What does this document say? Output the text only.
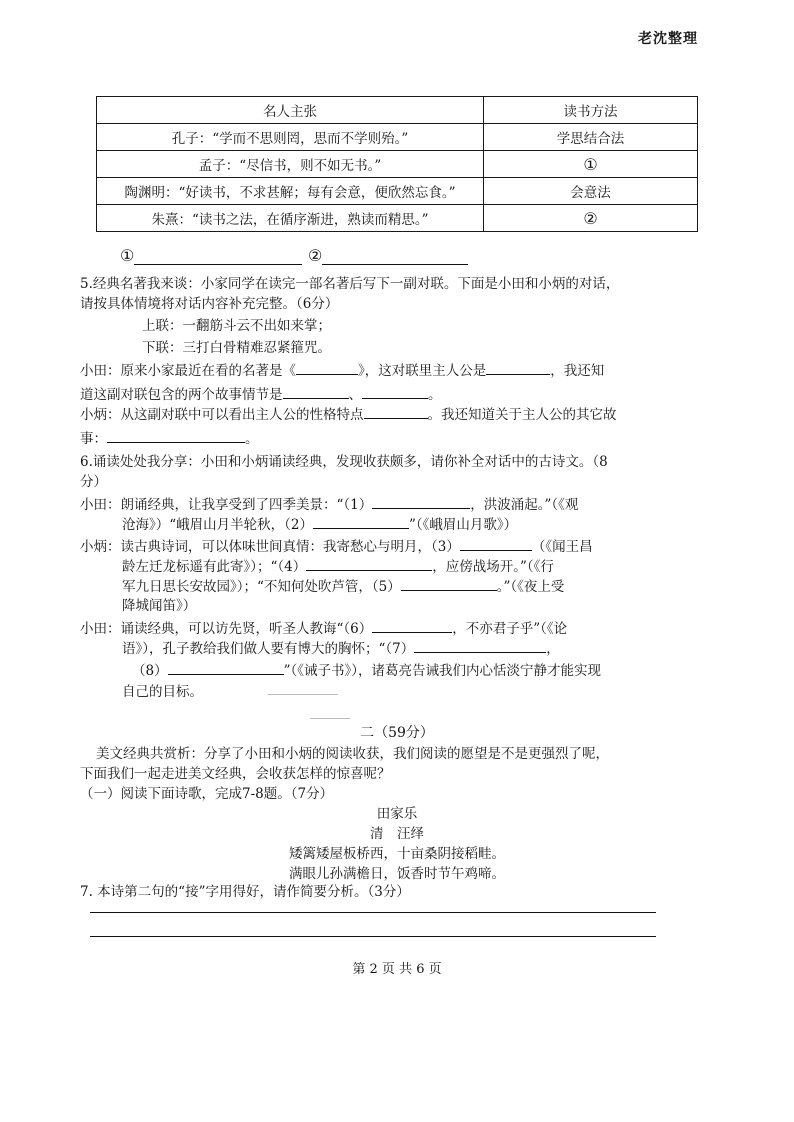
老沈整理
名人主张	读书方法
孔子：“学而不思则罔，思而不学则殆。”	学思结合法
孟子：“尽信书，则不如无书。”	①
陶渊明：“好读书，不求甚解；每有会意，便欣然忘食。”	会意法
朱熹：“读书之法，在循序渐进，熟读而精思。”	②
①	②
5.经典名著我来谈：小家同学在读完一部名著后写下一副对联。下面是小田和小炳的对话，
请按具体情境将对话内容补充完整。（6分）
上联：一翻筋斗云不出如来掌；
下联：三打白骨精难忍紧箍咒。
小田：原来小家最近在看的名著是《	》，这对联里主人公是	，我还知
道这副对联包含的两个故事情节是	、	。
小炳：从这副对联中可以看出主人公的性格特点	。我还知道关于主人公的其它故
事：	。
6.诵读处处我分享：小田和小炳诵读经典，发现收获颇多，请你补全对话中的古诗文。（8
分）
小田：朗诵经典，让我享受到了四季美景：“（1）	，洪波涌起。”（《观
沧海》）“峨眉山月半轮秋，（2）	”（《峨眉山月歌》）
小炳：读古典诗词，可以体味世间真情：我寄愁心与明月，（3）	（《闻王昌
龄左迁龙标遥有此寄》）；“（4）	，应傍战场开。”（《行
军九日思长安故园》）；“不知何处吹芦管，（5）	。”（《夜上受
降城闻笛》）
小田：诵读经典，可以访先贤，听圣人教诲“（6）	，不亦君子乎”（《论
语》），孔子教给我们做人要有博大的胸怀；“（7）	，
（8）	”（《诫子书》），诸葛亮告诫我们内心恬淡宁静才能实现
自己的目标。
二（59分）
美文经典共赏析：分享了小田和小炳的阅读收获，我们阅读的愿望是不是更强烈了呢，
下面我们一起走进美文经典，会收获怎样的惊喜呢？
（一）阅读下面诗歌，完成7-8题。（7分）
田家乐
清　汪绎
矮篱矮屋板桥西，十亩桑阴接稻畦。
满眼儿孙满檐日，饭香时节午鸡啼。
7. 本诗第二句的“接”字用得好，请作简要分析。（3分）
第 2 页 共 6 页
